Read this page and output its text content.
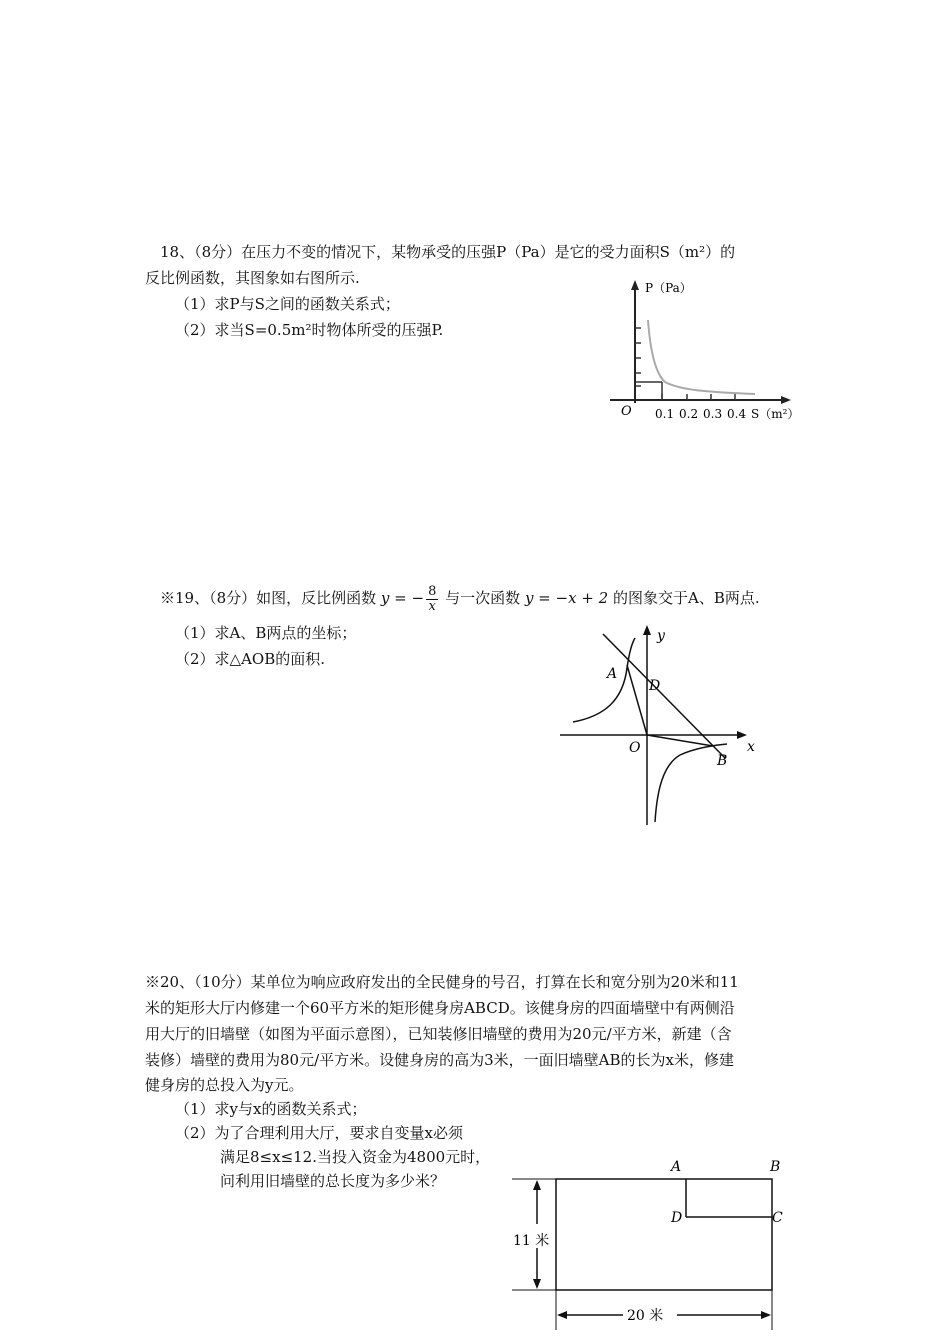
18、（8分）在压力不变的情况下，某物承受的压强P（Pa）是它的受力面积S（m²）的
反比例函数，其图象如右图所示.
（1）求P与S之间的函数关系式；
（2）求当S=0.5m²时物体所受的压强P.
P（Pa）
O 0.1 0.2 0.3 0.4 S（m²）
※19、（8分）如图，反比例函数 y = − $\frac{8}{x}$ 与一次函数 y = −x + 2 的图象交于A、B两点.
（1）求A、B两点的坐标；
（2）求△AOB的面积.
A
D
O
B
x
y
※20、（10分）某单位为响应政府发出的全民健身的号召，打算在长和宽分别为20米和11
米的矩形大厅内修建一个60平方米的矩形健身房ABCD。该健身房的四面墙壁中有两侧沿
用大厅的旧墙壁（如图为平面示意图），已知装修旧墙壁的费用为20元/平方米，新建（含
装修）墙壁的费用为80元/平方米。设健身房的高为3米，一面旧墙壁AB的长为x米，修建
健身房的总投入为y元。
（1）求y与x的函数关系式；
（2）为了合理利用大厅，要求自变量x必须
满足8≤x≤12.当投入资金为4800元时，
问利用旧墙壁的总长度为多少米？
11 米
20 米
A	B
D	C
